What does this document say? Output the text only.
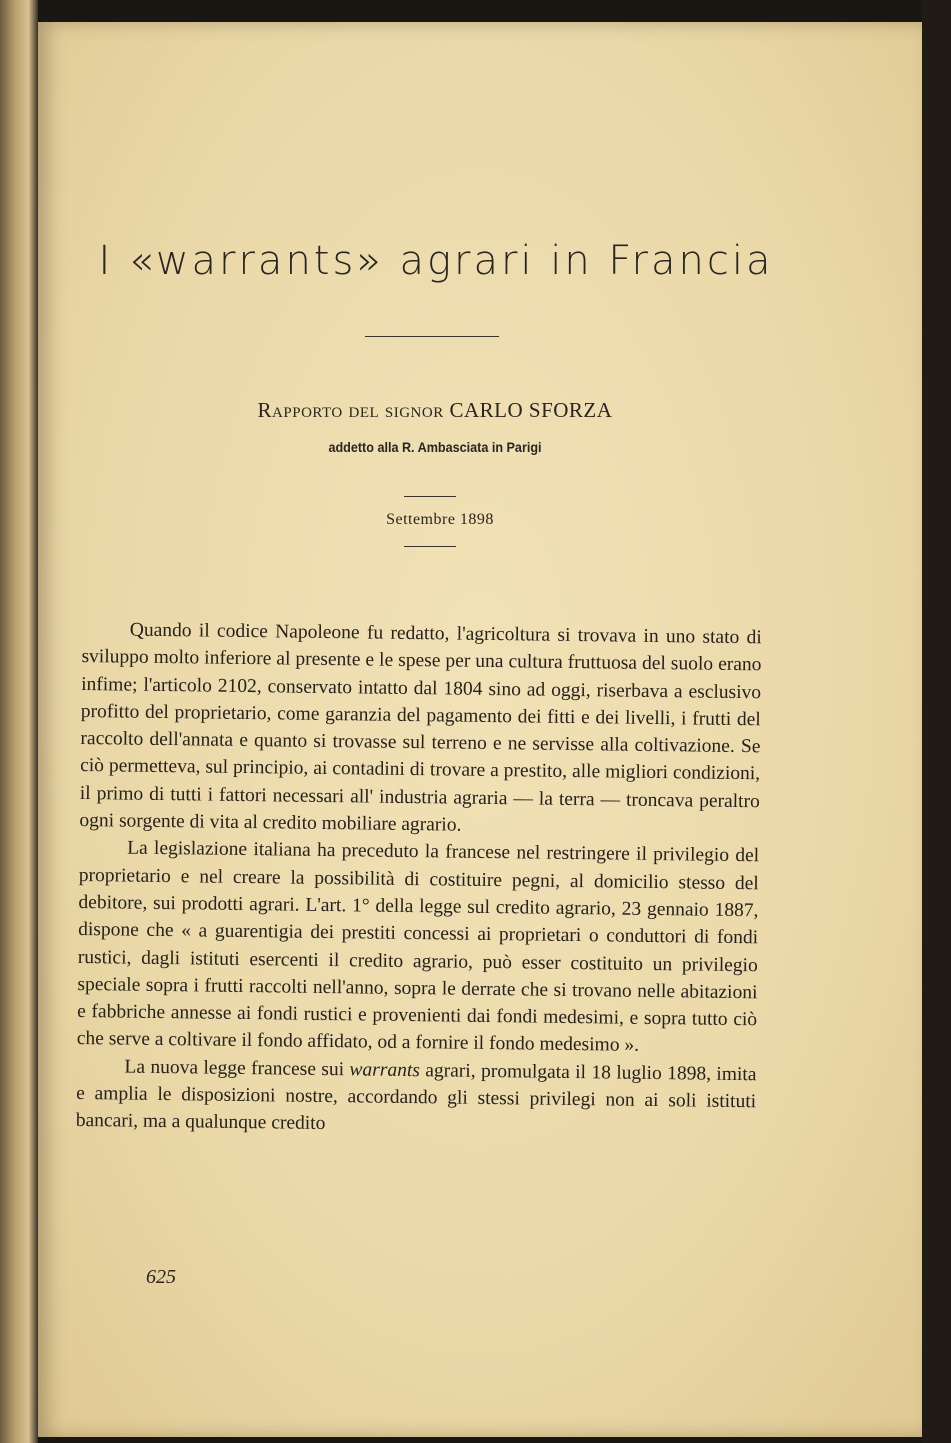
I «warrants» agrari in Francia
Rapporto del signor CARLO SFORZA
addetto alla R. Ambasciata in Parigi
Settembre 1898

Quando il codice Napoleone fu redatto, l'agricoltura si trovava in uno stato di sviluppo molto inferiore al presente e le spese per una cultura fruttuosa del suolo erano infime; l'articolo 2102, conservato intatto dal 1804 sino ad oggi, riserbava a esclusivo profitto del proprietario, come garanzia del pagamento dei fitti e dei livelli, i frutti del raccolto dell'annata e quanto si trovasse sul terreno e ne servisse alla coltivazione. Se ciò permetteva, sul principio, ai contadini di trovare a prestito, alle migliori condizioni, il primo di tutti i fattori necessari all' industria agraria — la terra — troncava peraltro ogni sorgente di vita al credito mobiliare agrario.

La legislazione italiana ha preceduto la francese nel restringere il privilegio del proprietario e nel creare la possibilità di costituire pegni, al domicilio stesso del debitore, sui prodotti agrari. L'art. 1° della legge sul credito agrario, 23 gennaio 1887, dispone che « a guarentigia dei prestiti concessi ai proprietari o conduttori di fondi rustici, dagli istituti esercenti il credito agrario, può esser costituito un privilegio speciale sopra i frutti raccolti nell'anno, sopra le derrate che si trovano nelle abitazioni e fabbriche annesse ai fondi rustici e provenienti dai fondi medesimi, e sopra tutto ciò che serve a coltivare il fondo affidato, od a fornire il fondo medesimo ».

La nuova legge francese sui warrants agrari, promulgata il 18 luglio 1898, imita e amplia le disposizioni nostre, accordando gli stessi privilegi non ai soli istituti bancari, ma a qualunque credito

625
